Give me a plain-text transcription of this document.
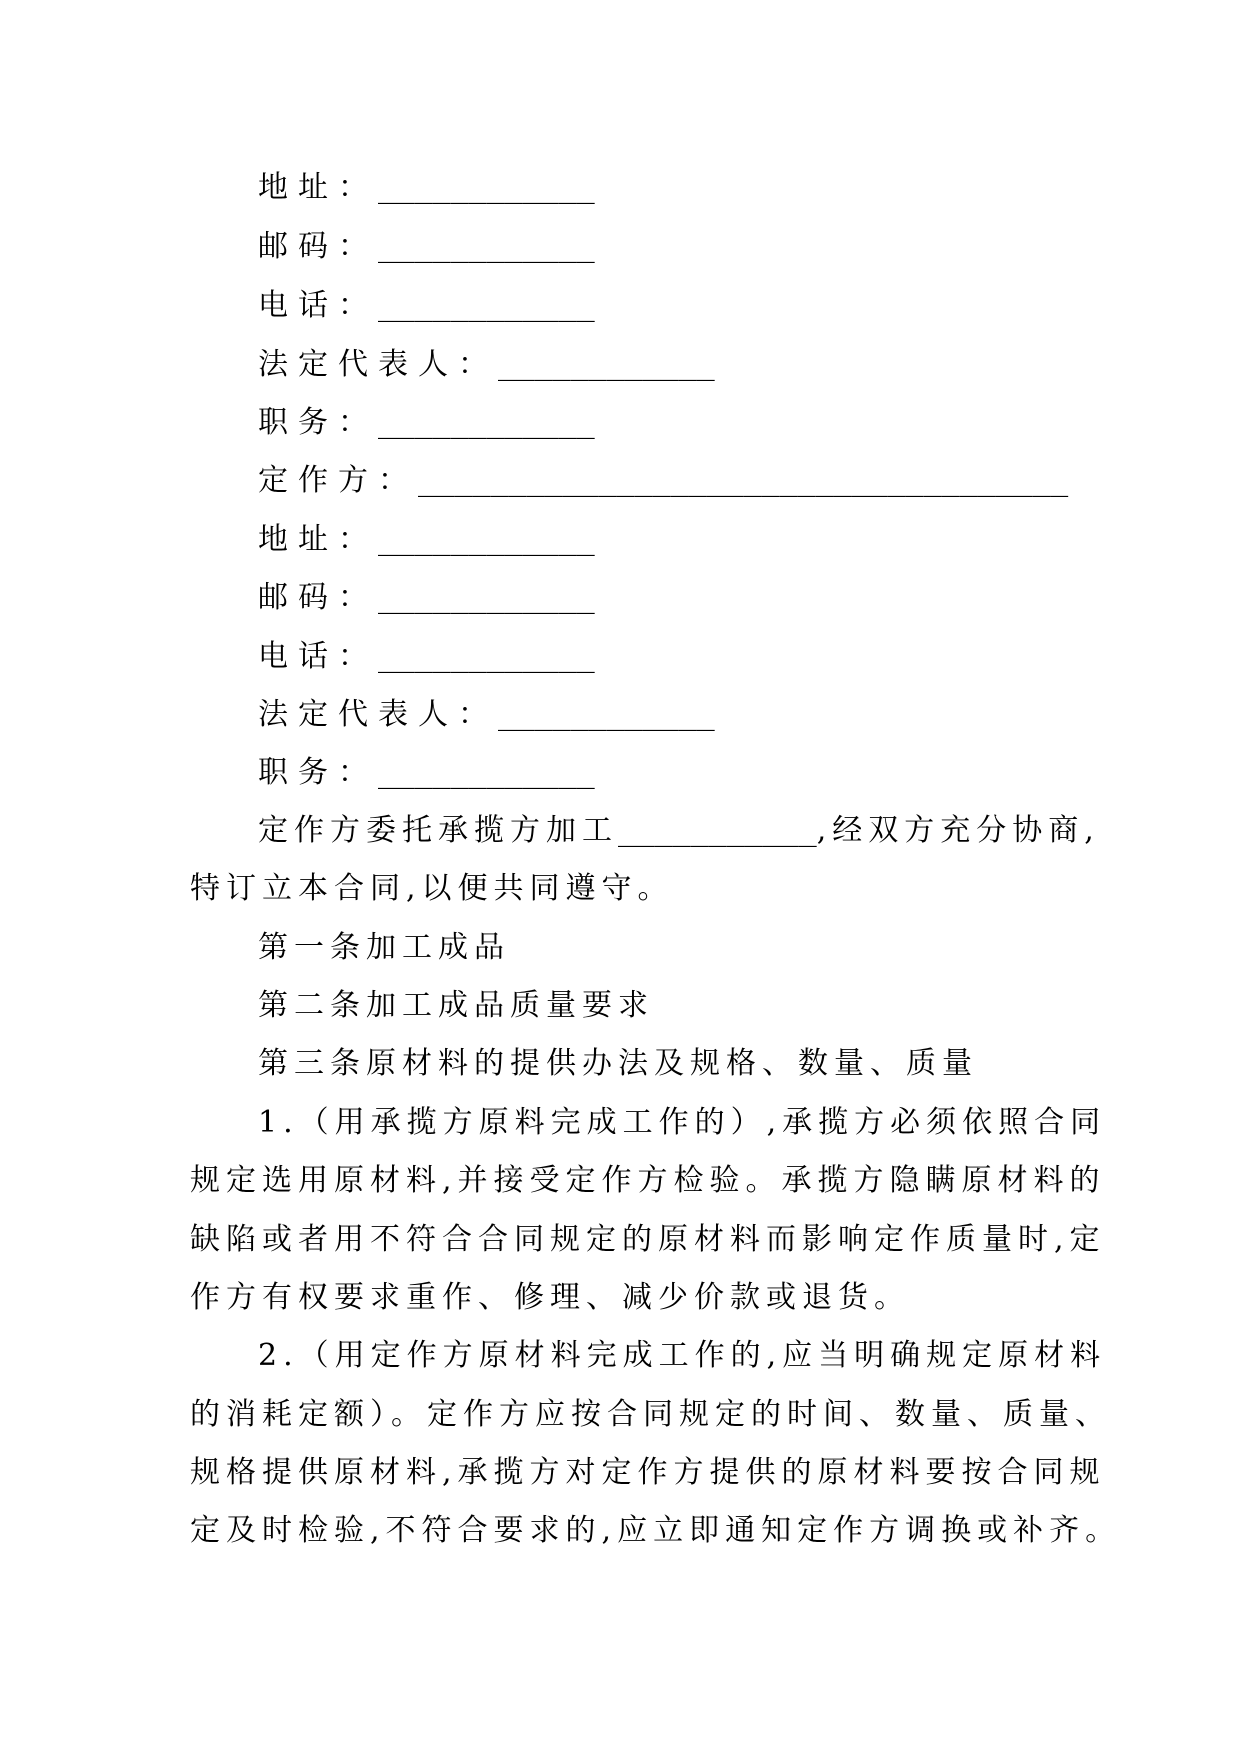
地址：____________
邮码：____________
电话：____________
法定代表人：____________
职务：____________
定作方：____________________________________
地址：____________
邮码：____________
电话：____________
法定代表人：____________
职务：____________
定作方委托承揽方加工___________,经双方充分协商,
特订立本合同,以便共同遵守。
第一条加工成品
第二条加工成品质量要求
第三条原材料的提供办法及规格、数量、质量
1.（用承揽方原料完成工作的）,承揽方必须依照合同
规定选用原材料,并接受定作方检验。承揽方隐瞒原材料的
缺陷或者用不符合合同规定的原材料而影响定作质量时,定
作方有权要求重作、修理、减少价款或退货。
2.（用定作方原材料完成工作的,应当明确规定原材料
的消耗定额）。定作方应按合同规定的时间、数量、质量、
规格提供原材料,承揽方对定作方提供的原材料要按合同规
定及时检验,不符合要求的,应立即通知定作方调换或补齐。
